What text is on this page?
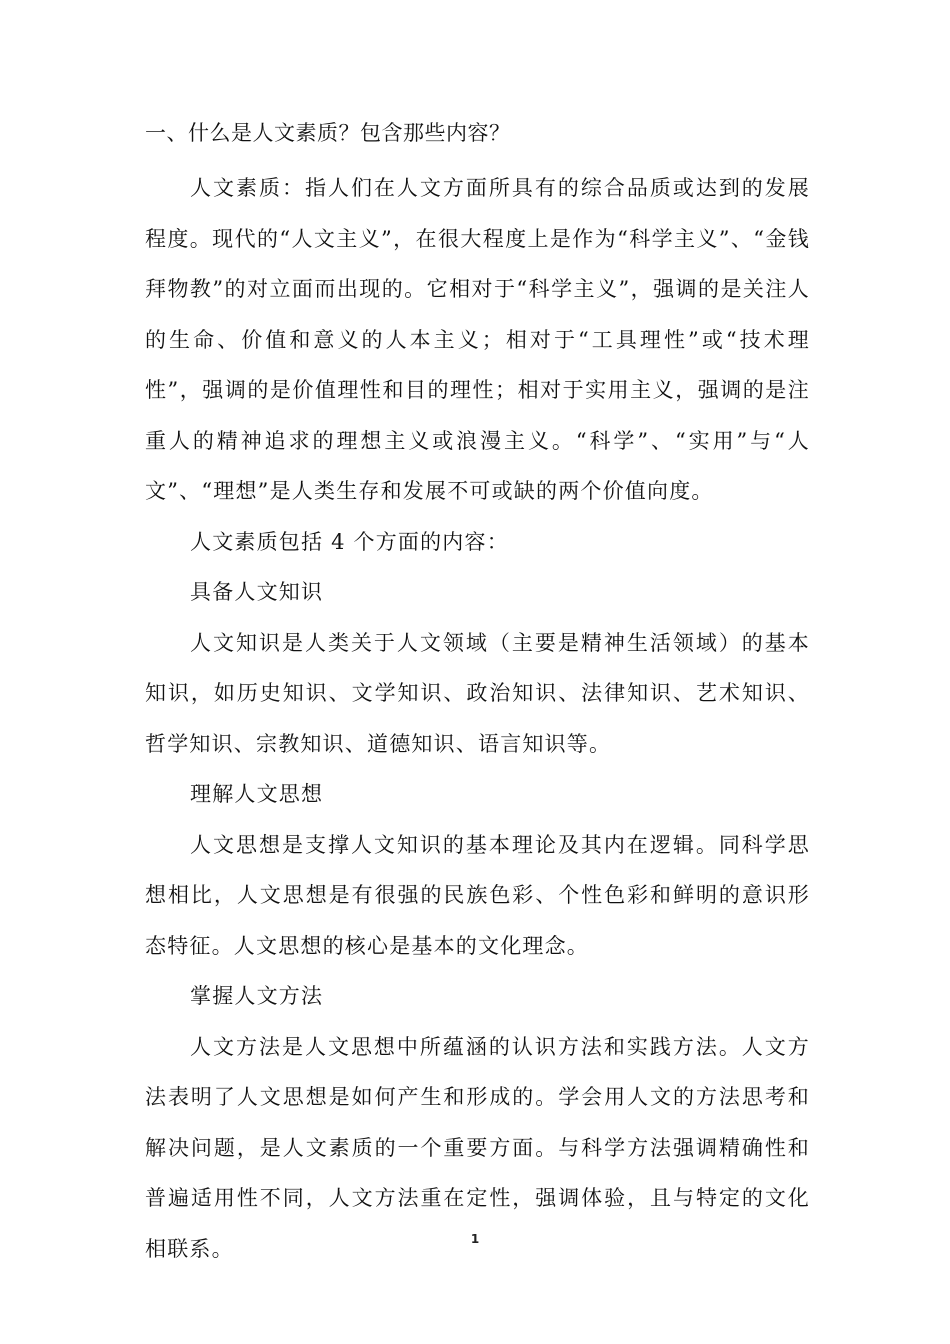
一、什么是人文素质？包含那些内容？

人文素质：指人们在人文方面所具有的综合品质或达到的发展程度。现代的“人文主义”，在很大程度上是作为“科学主义”、“金钱拜物教”的对立面而出现的。它相对于“科学主义”，强调的是关注人的生命、价值和意义的人本主义；相对于“工具理性”或“技术理性”，强调的是价值理性和目的理性；相对于实用主义，强调的是注重人的精神追求的理想主义或浪漫主义。“科学”、“实用”与“人文”、“理想”是人类生存和发展不可或缺的两个价值向度。

人文素质包括 4 个方面的内容：

具备人文知识

人文知识是人类关于人文领域（主要是精神生活领域）的基本知识，如历史知识、文学知识、政治知识、法律知识、艺术知识、哲学知识、宗教知识、道德知识、语言知识等。

理解人文思想

人文思想是支撑人文知识的基本理论及其内在逻辑。同科学思想相比，人文思想是有很强的民族色彩、个性色彩和鲜明的意识形态特征。人文思想的核心是基本的文化理念。

掌握人文方法

人文方法是人文思想中所蕴涵的认识方法和实践方法。人文方法表明了人文思想是如何产生和形成的。学会用人文的方法思考和解决问题，是人文素质的一个重要方面。与科学方法强调精确性和普遍适用性不同，人文方法重在定性，强调体验，且与特定的文化相联系。	1
